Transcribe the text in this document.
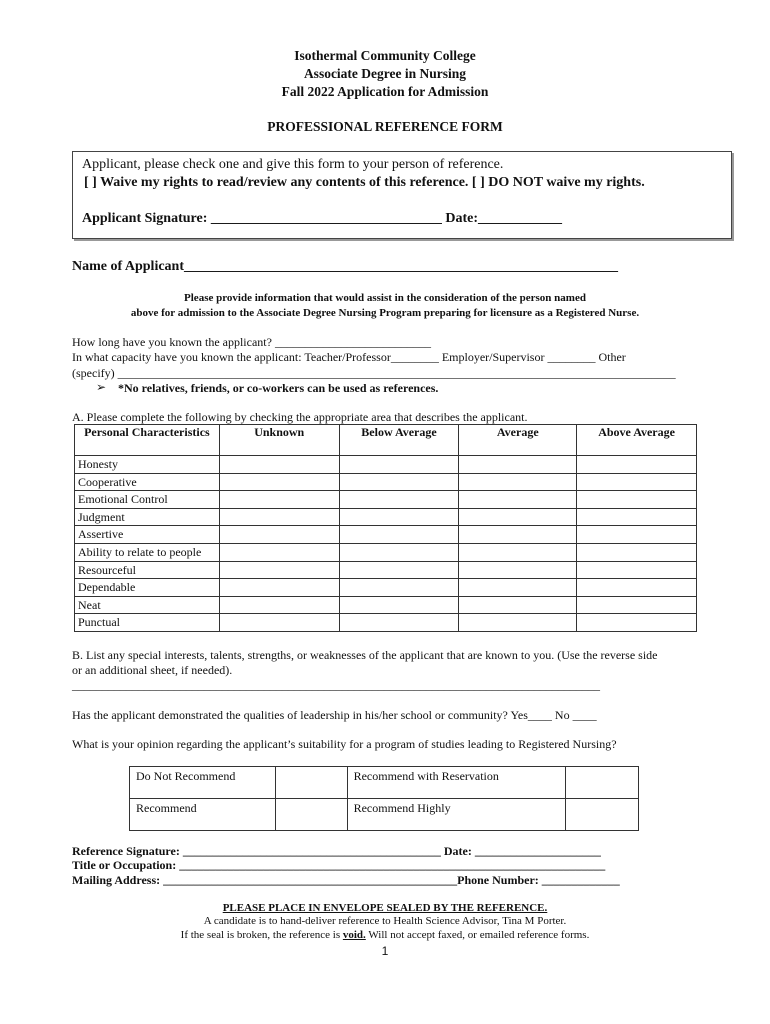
Isothermal Community College
Associate Degree in Nursing
Fall 2022 Application for Admission
PROFESSIONAL REFERENCE FORM
Applicant, please check one and give this form to your person of reference.
[ ] Waive my rights to read/review any contents of this reference. [ ] DO NOT waive my rights.
Applicant Signature: _________________________________ Date:____________
Name of Applicant______________________________________________________________
Please provide information that would assist in the consideration of the person named
above for admission to the Associate Degree Nursing Program preparing for licensure as a Registered Nurse.
How long have you known the applicant? __________________________
In what capacity have you known the applicant: Teacher/Professor________ Employer/Supervisor ________ Other
(specify) _____________________________________________________________________________________________
➢ *No relatives, friends, or co-workers can be used as references.
A. Please complete the following by checking the appropriate area that describes the applicant.
Personal Characteristics	Unknown	Below Average	Average	Above Average
Honesty				
Cooperative				
Emotional Control				
Judgment				
Assertive				
Ability to relate to people				
Resourceful				
Dependable				
Neat				
Punctual				
B. List any special interests, talents, strengths, or weaknesses of the applicant that are known to you. (Use the reverse side
or an additional sheet, if needed).
________________________________________________________________________________________
Has the applicant demonstrated the qualities of leadership in his/her school or community? Yes____ No ____
What is your opinion regarding the applicant’s suitability for a program of studies leading to Registered Nursing?
Do Not Recommend		Recommend with Reservation	
Recommend		Recommend Highly	
Reference Signature: ___________________________________________ Date: _____________________
Title or Occupation: _______________________________________________________________________
Mailing Address: _________________________________________________Phone Number: _____________
PLEASE PLACE IN ENVELOPE SEALED BY THE REFERENCE.
A candidate is to hand-deliver reference to Health Science Advisor, Tina M Porter.
If the seal is broken, the reference is void. Will not accept faxed, or emailed reference forms.
1
